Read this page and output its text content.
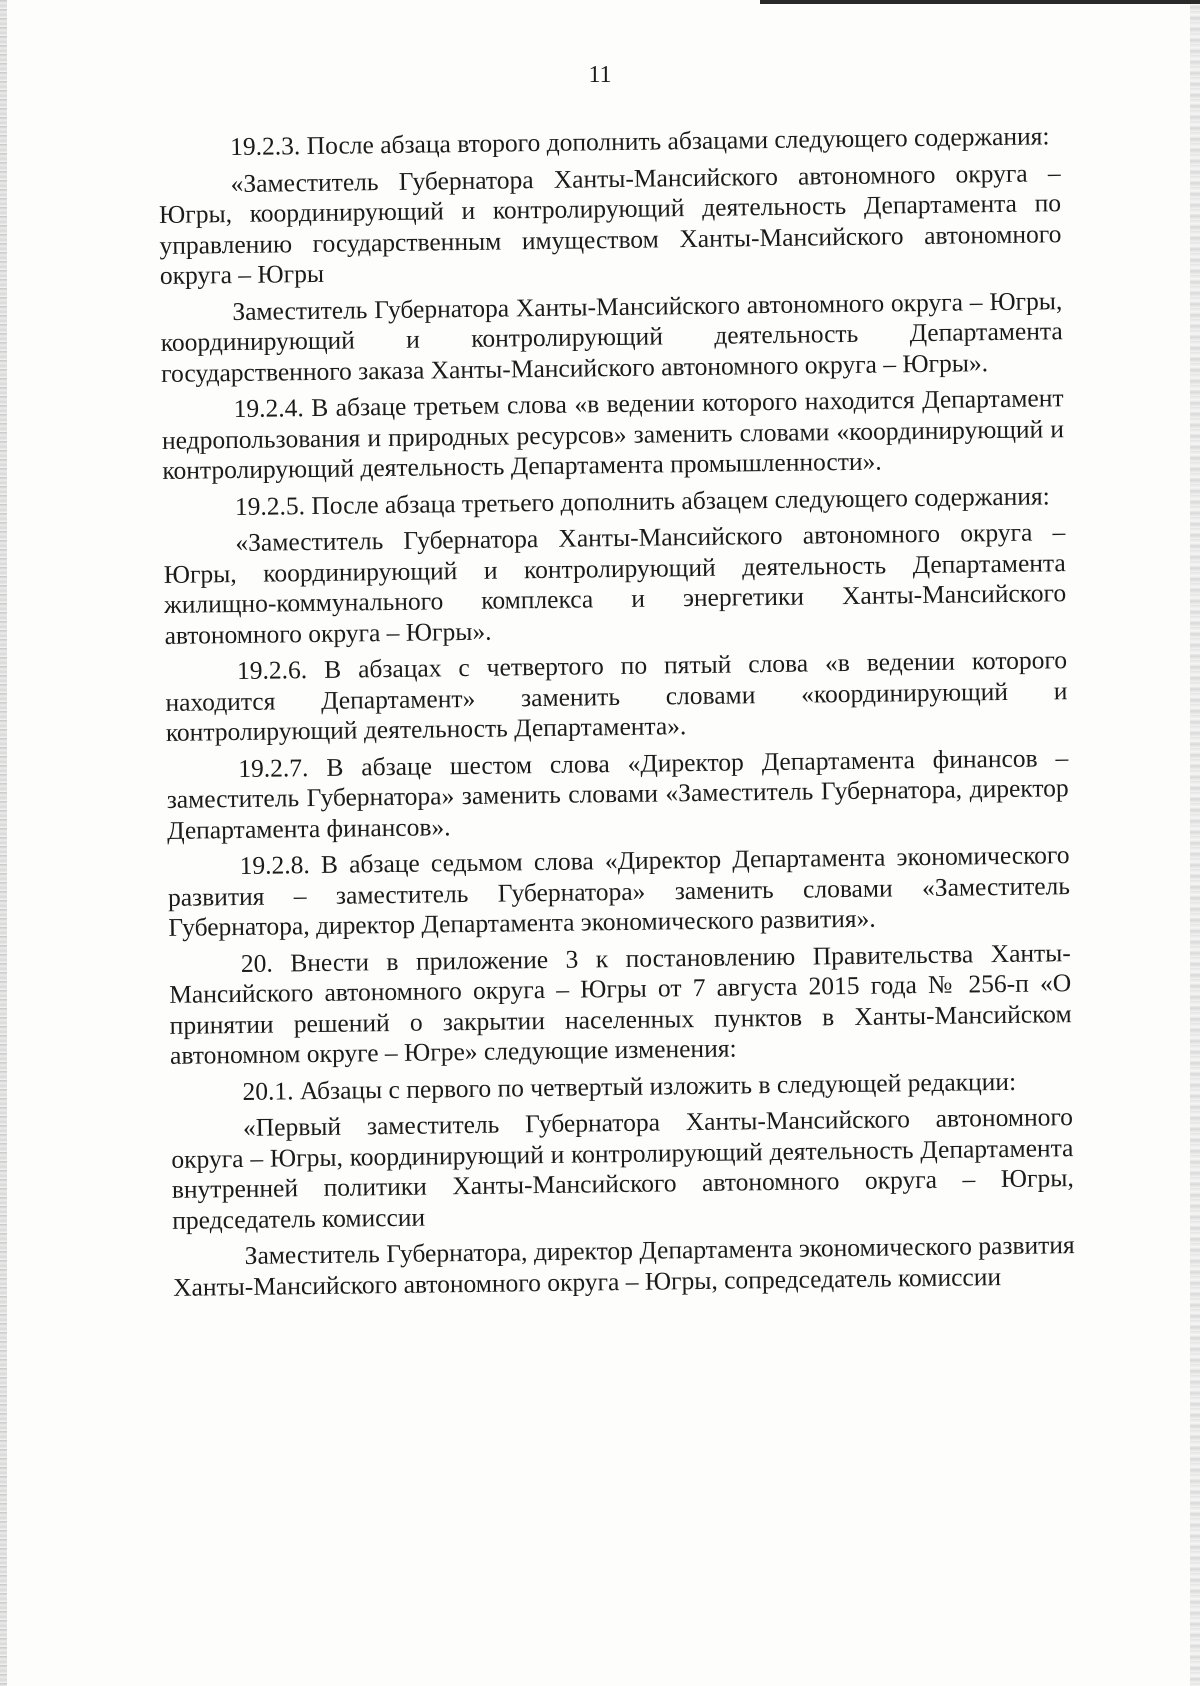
11

19.2.3. После абзаца второго дополнить абзацами следующего содержания:

«Заместитель Губернатора Ханты-Мансийского автономного округа – Югры, координирующий и контролирующий деятельность Департамента по управлению государственным имуществом Ханты-Мансийского автономного округа – Югры

Заместитель Губернатора Ханты-Мансийского автономного округа – Югры, координирующий и контролирующий деятельность Департамента государственного заказа Ханты-Мансийского автономного округа – Югры».

19.2.4. В абзаце третьем слова «в ведении которого находится Департамент недропользования и природных ресурсов» заменить словами «координирующий и контролирующий деятельность Департамента промышленности».

19.2.5. После абзаца третьего дополнить абзацем следующего содержания:

«Заместитель Губернатора Ханты-Мансийского автономного округа – Югры, координирующий и контролирующий деятельность Департамента жилищно-коммунального комплекса и энергетики Ханты-Мансийского автономного округа – Югры».

19.2.6. В абзацах с четвертого по пятый слова «в ведении которого находится Департамент» заменить словами «координирующий и контролирующий деятельность Департамента».

19.2.7. В абзаце шестом слова «Директор Департамента финансов – заместитель Губернатора» заменить словами «Заместитель Губернатора, директор Департамента финансов».

19.2.8. В абзаце седьмом слова «Директор Департамента экономического развития – заместитель Губернатора» заменить словами «Заместитель Губернатора, директор Департамента экономического развития».

20. Внести в приложение 3 к постановлению Правительства Ханты-Мансийского автономного округа – Югры от 7 августа 2015 года № 256-п «О принятии решений о закрытии населенных пунктов в Ханты-Мансийском автономном округе – Югре» следующие изменения:

20.1. Абзацы с первого по четвертый изложить в следующей редакции:

«Первый заместитель Губернатора Ханты-Мансийского автономного округа – Югры, координирующий и контролирующий деятельность Департамента внутренней политики Ханты-Мансийского автономного округа – Югры, председатель комиссии

Заместитель Губернатора, директор Департамента экономического развития Ханты-Мансийского автономного округа – Югры, сопредседатель комиссии
